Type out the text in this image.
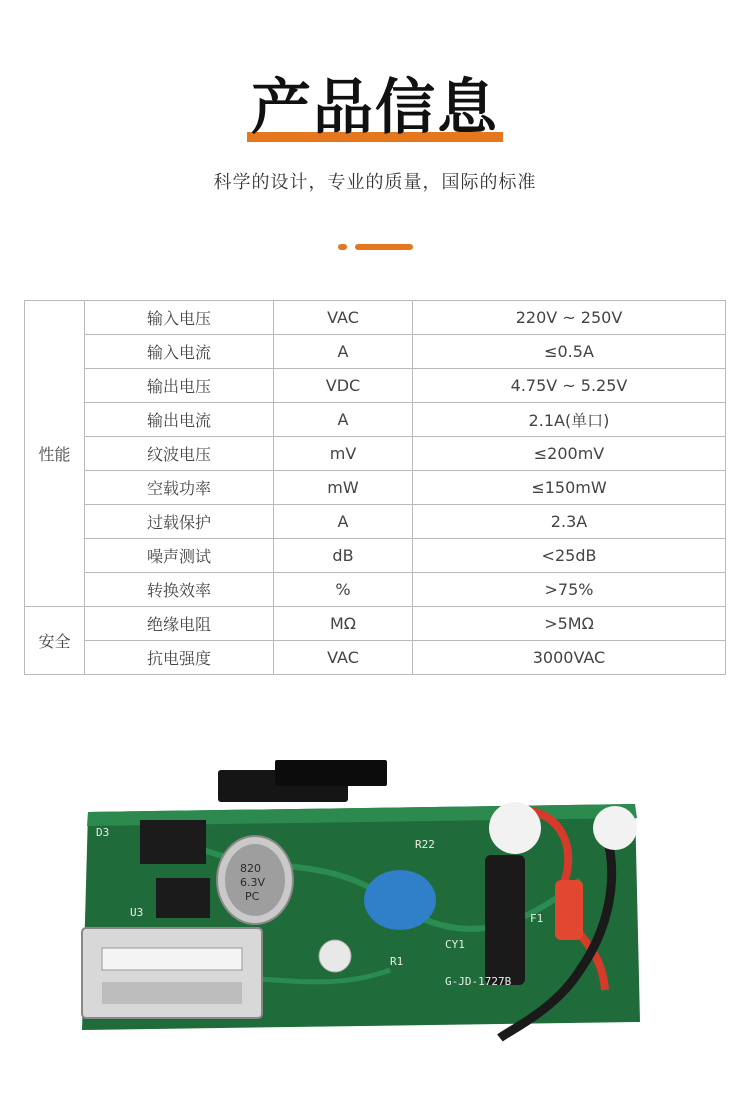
产品信息
科学的设计，专业的质量，国际的标准
性能	输入电压	VAC	220V ~ 250V
	输入电流	A	≤0.5A
	输出电压	VDC	4.75V ~ 5.25V
	输出电流	A	2.1A(单口)
	纹波电压	mV	≤200mV
	空载功率	mW	≤150mW
	过载保护	A	2.3A
	噪声测试	dB	<25dB
	转换效率	%	>75%
安全	绝缘电阻	MΩ	>5MΩ
	抗电强度	VAC	3000VAC
D3
U3	F1
R22
CY1
G-JD-1727B
R1
820
6.3V
PC
